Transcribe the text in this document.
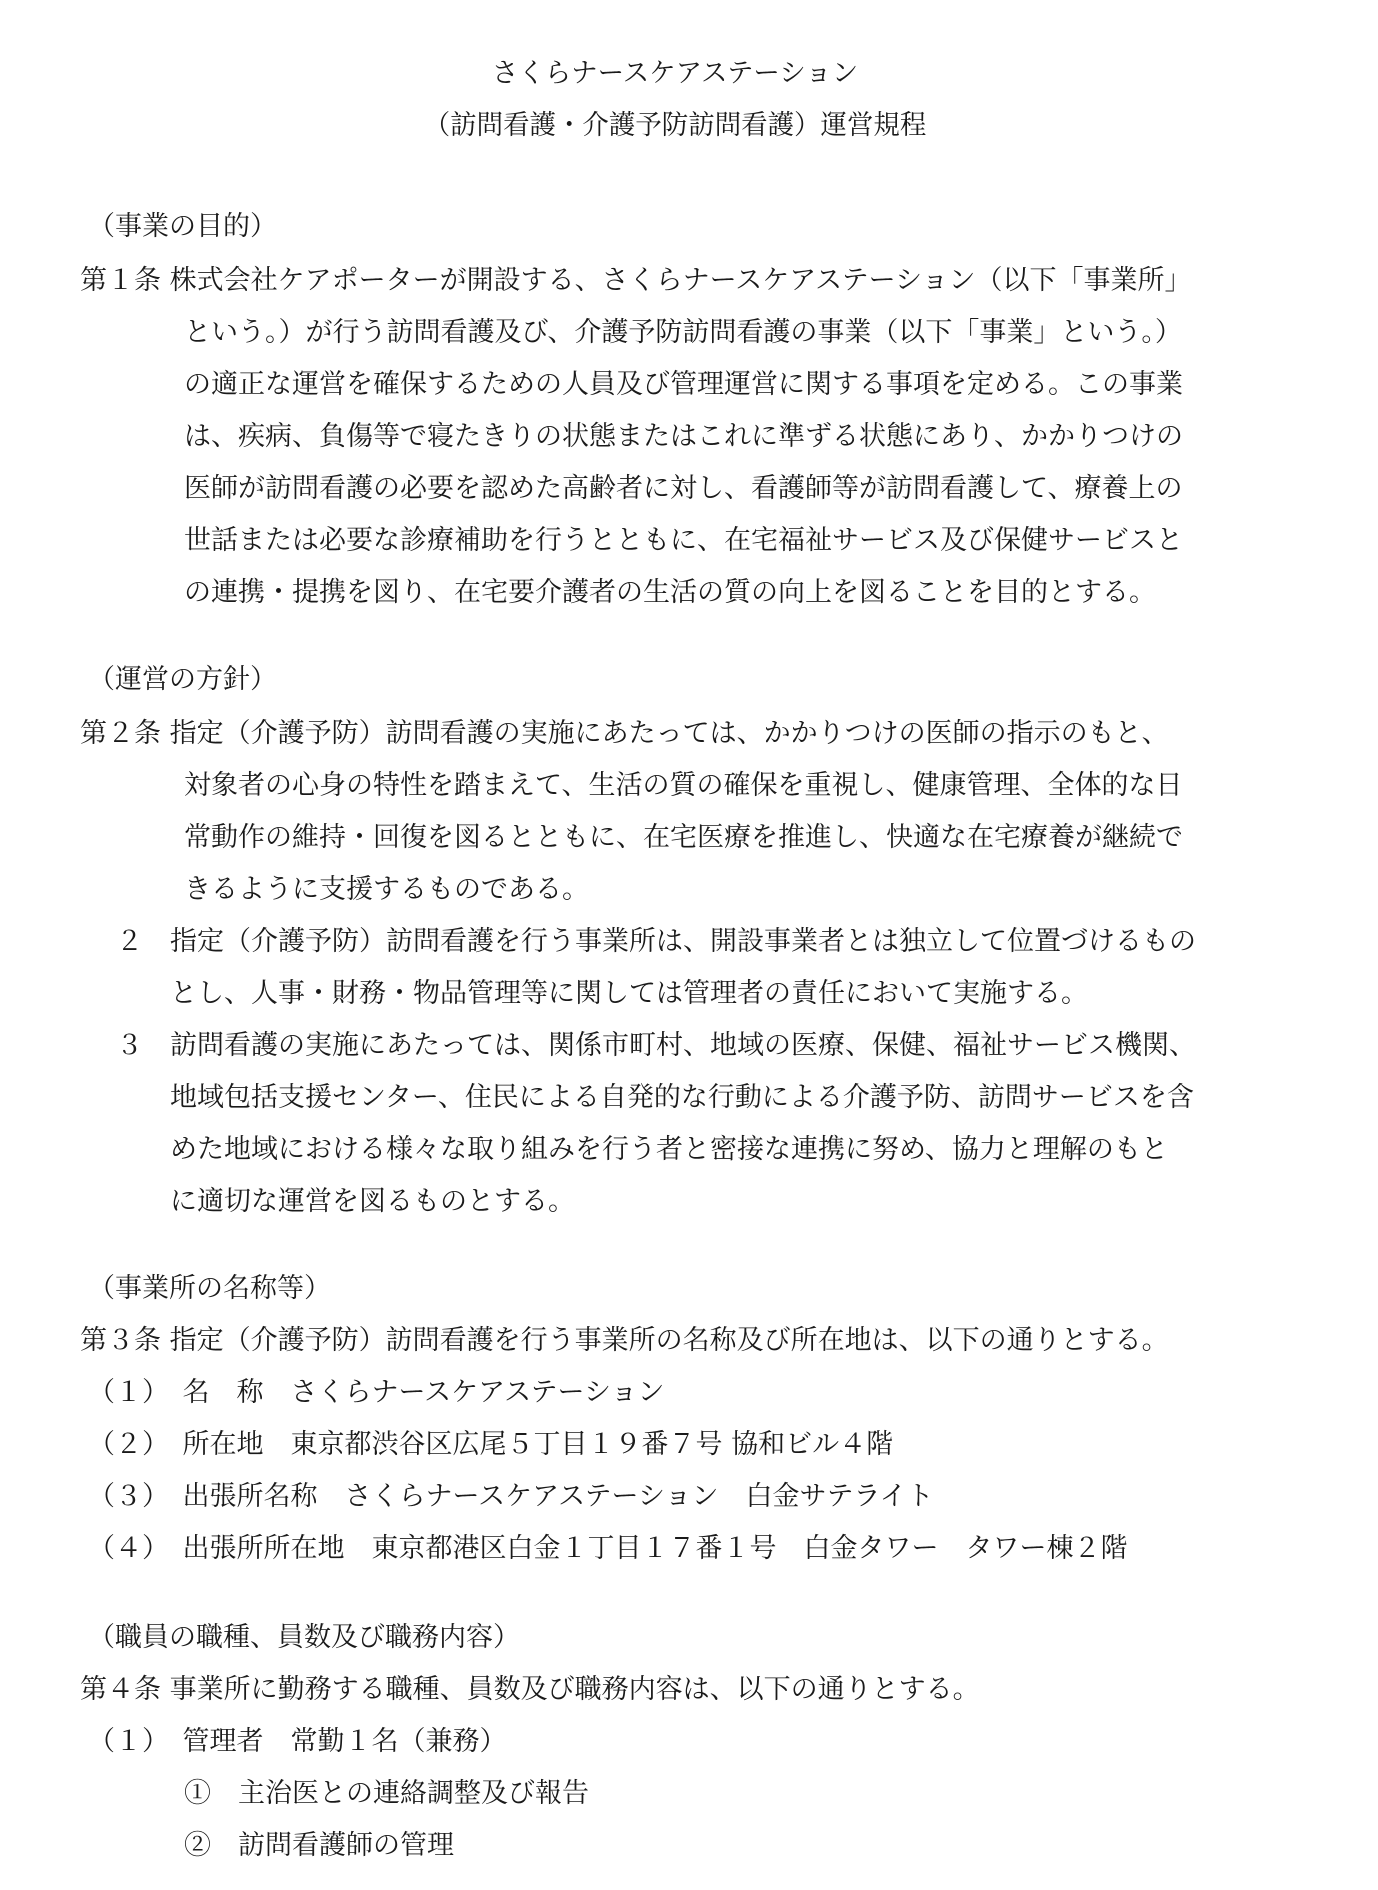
さくらナースケアステーション
（訪問看護・介護予防訪問看護）運営規程
（事業の目的）
第１条 株式会社ケアポーターが開設する、さくらナースケアステーション（以下「事業所」
という。）が行う訪問看護及び、介護予防訪問看護の事業（以下「事業」という。）
の適正な運営を確保するための人員及び管理運営に関する事項を定める。この事業
は、疾病、負傷等で寝たきりの状態またはこれに準ずる状態にあり、かかりつけの
医師が訪問看護の必要を認めた高齢者に対し、看護師等が訪問看護して、療養上の
世話または必要な診療補助を行うとともに、在宅福祉サービス及び保健サービスと
の連携・提携を図り、在宅要介護者の生活の質の向上を図ることを目的とする。
（運営の方針）
第２条 指定（介護予防）訪問看護の実施にあたっては、かかりつけの医師の指示のもと、
対象者の心身の特性を踏まえて、生活の質の確保を重視し、健康管理、全体的な日
常動作の維持・回復を図るとともに、在宅医療を推進し、快適な在宅療養が継続で
きるように支援するものである。
２　指定（介護予防）訪問看護を行う事業所は、開設事業者とは独立して位置づけるもの
とし、人事・財務・物品管理等に関しては管理者の責任において実施する。
３　訪問看護の実施にあたっては、関係市町村、地域の医療、保健、福祉サービス機関、
地域包括支援センター、住民による自発的な行動による介護予防、訪問サービスを含
めた地域における様々な取り組みを行う者と密接な連携に努め、協力と理解のもと
に適切な運営を図るものとする。
（事業所の名称等）
第３条 指定（介護予防）訪問看護を行う事業所の名称及び所在地は、以下の通りとする。
（１）　名　称　さくらナースケアステーション
（２）　所在地　東京都渋谷区広尾５丁目１９番７号 協和ビル４階
（３）　出張所名称　さくらナースケアステーション　白金サテライト
（４）　出張所所在地　東京都港区白金１丁目１７番１号　白金タワー　タワー棟２階
（職員の職種、員数及び職務内容）
第４条 事業所に勤務する職種、員数及び職務内容は、以下の通りとする。
（１）　管理者　常勤１名（兼務）
①　主治医との連絡調整及び報告
②　訪問看護師の管理
